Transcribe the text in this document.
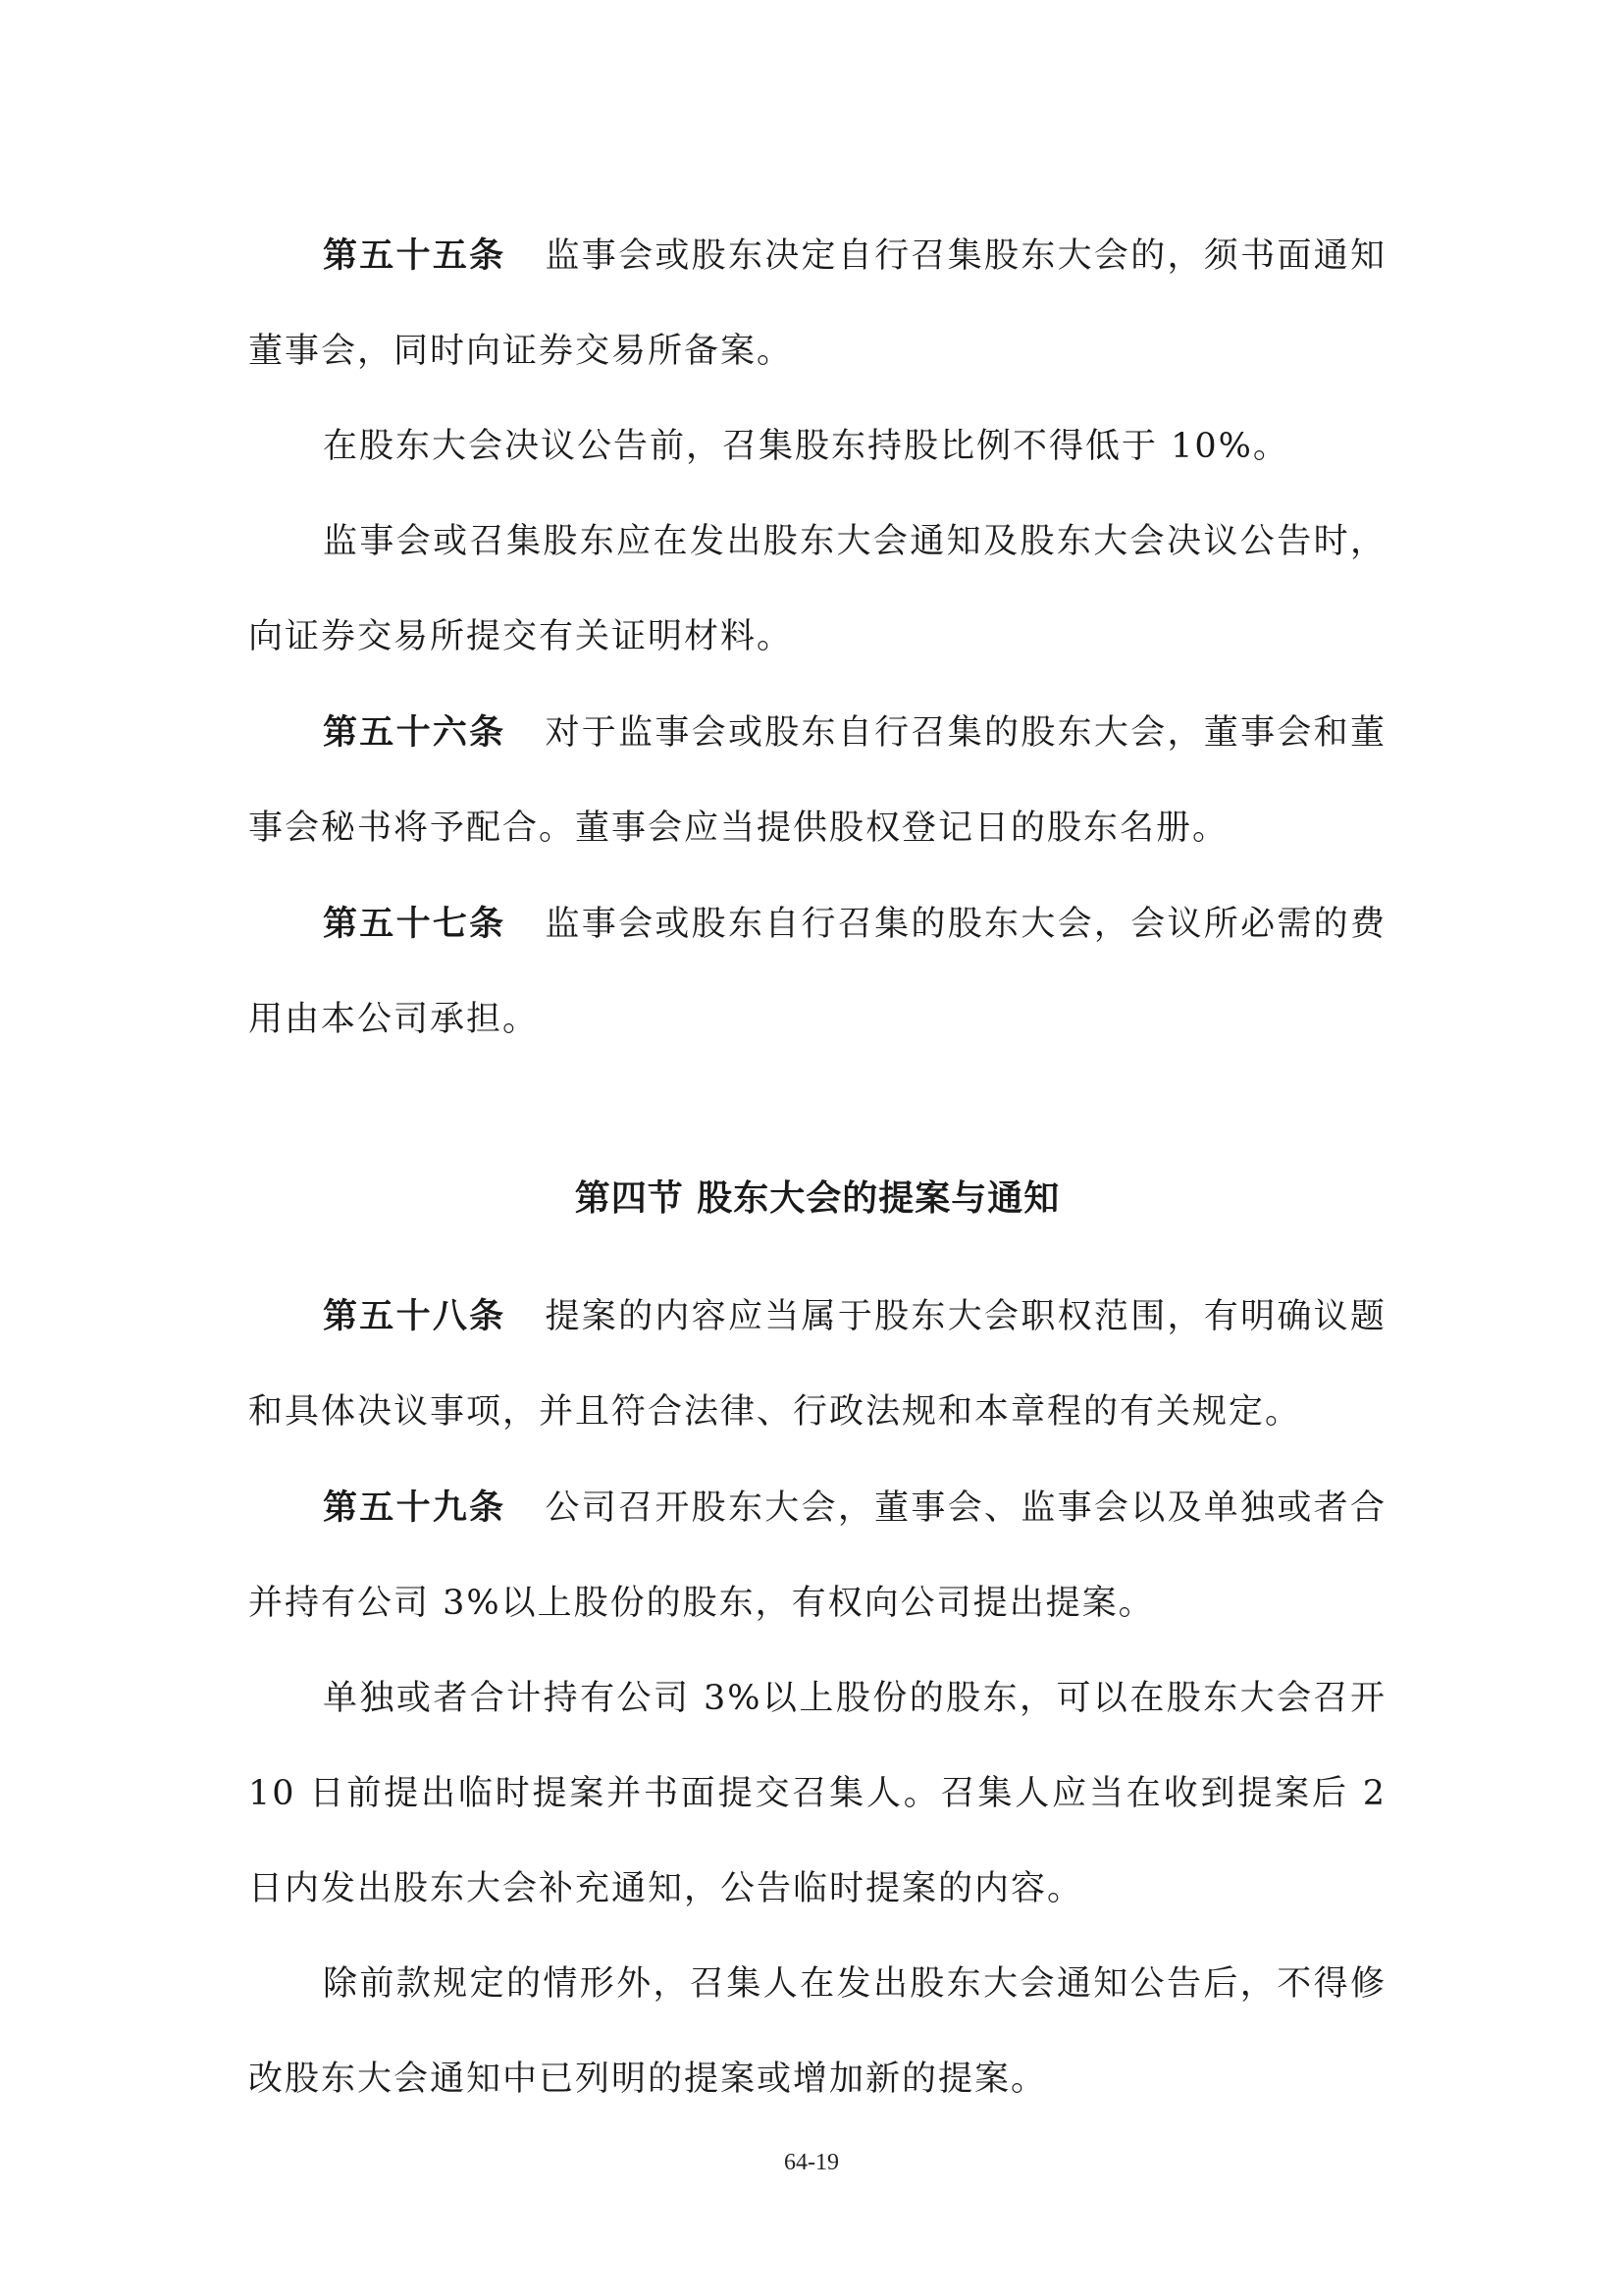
第五十五条 监事会或股东决定自行召集股东大会的，须书面通知董事会，同时向证券交易所备案。

在股东大会决议公告前，召集股东持股比例不得低于 10%。

监事会或召集股东应在发出股东大会通知及股东大会决议公告时，向证券交易所提交有关证明材料。

第五十六条 对于监事会或股东自行召集的股东大会，董事会和董事会秘书将予配合。董事会应当提供股权登记日的股东名册。

第五十七条 监事会或股东自行召集的股东大会，会议所必需的费用由本公司承担。

第四节 股东大会的提案与通知

第五十八条 提案的内容应当属于股东大会职权范围，有明确议题和具体决议事项，并且符合法律、行政法规和本章程的有关规定。

第五十九条 公司召开股东大会，董事会、监事会以及单独或者合并持有公司 3%以上股份的股东，有权向公司提出提案。

单独或者合计持有公司 3%以上股份的股东，可以在股东大会召开 10 日前提出临时提案并书面提交召集人。召集人应当在收到提案后 2 日内发出股东大会补充通知，公告临时提案的内容。

除前款规定的情形外，召集人在发出股东大会通知公告后，不得修改股东大会通知中已列明的提案或增加新的提案。

64-19
